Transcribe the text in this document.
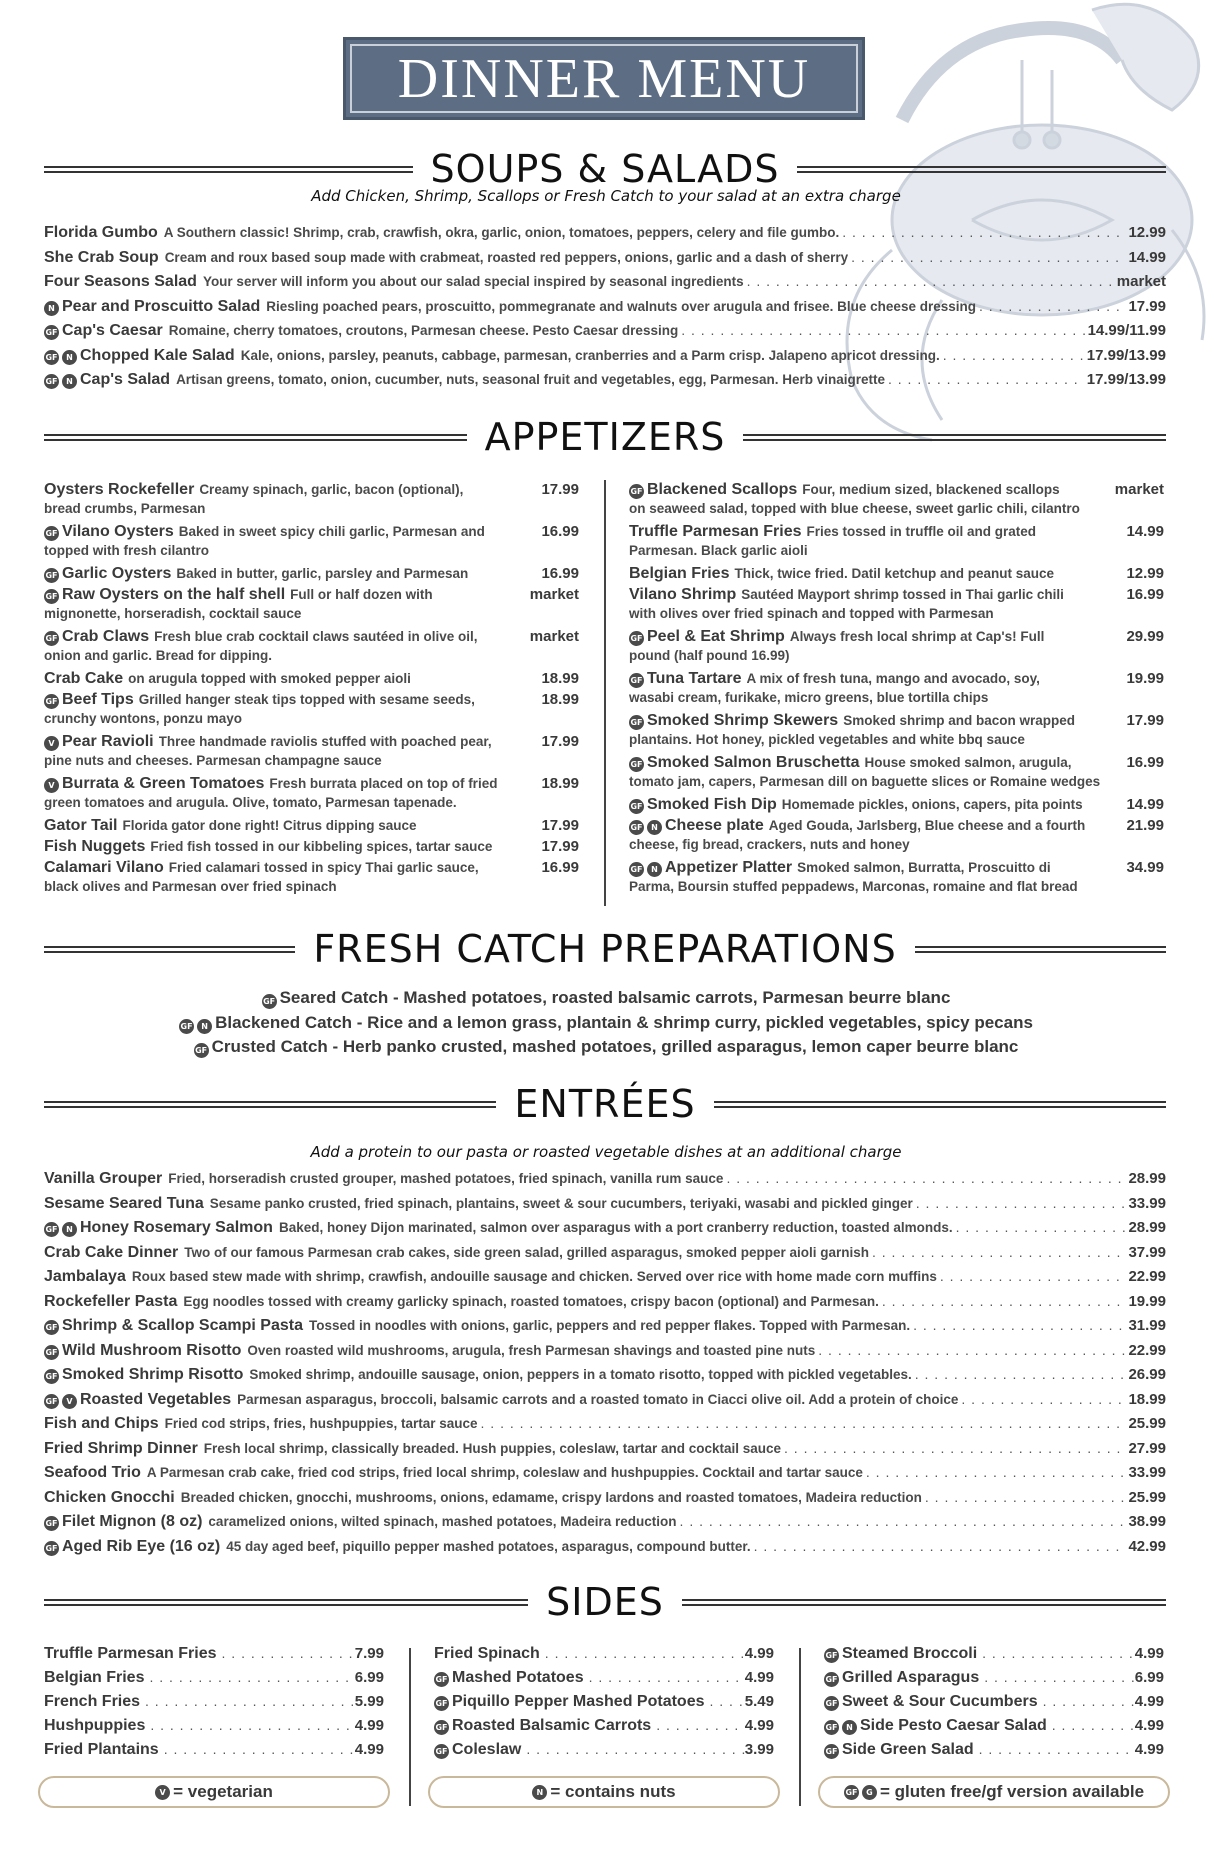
DINNER MENU
SOUPS & SALADS
Add Chicken, Shrimp, Scallops or Fresh Catch to your salad at an extra charge
Florida Gumbo A Southern classic! Shrimp, crab, crawfish, okra, garlic, onion, tomatoes, peppers, celery and file gumbo. . . .	12.99
She Crab Soup Cream and roux based soup made with crabmeat, roasted red peppers, onions, garlic and a dash of sherry . . .	14.99
Four Seasons Salad Your server will inform you about our salad special inspired by seasonal ingredients . . .	market
N Pear and Proscuitto Salad Riesling poached pears, proscuitto, pommegranate and walnuts over arugula and frisee. Blue cheese dressing . . .	17.99
GF Cap's Caesar Romaine, cherry tomatoes, croutons, Parmesan cheese. Pesto Caesar dressing . . .	14.99/11.99
GF	N Chopped Kale Salad Kale, onions, parsley, peanuts, cabbage, parmesan, cranberries and a Parm crisp. Jalapeno apricot dressing. . . .	17.99/13.99
GF	N Cap's Salad Artisan greens, tomato, onion, cucumber, nuts, seasonal fruit and vegetables, egg, Parmesan. Herb vinaigrette . . .	17.99/13.99
APPETIZERS
Oysters Rockefeller Creamy spinach, garlic, bacon (optional),	17.99
bread crumbs, Parmesan
GF Vilano Oysters Baked in sweet spicy chili garlic, Parmesan and	16.99
topped with fresh cilantro
GF Garlic Oysters Baked in butter, garlic, parsley and Parmesan	16.99
GF Raw Oysters on the half shell Full or half dozen with	market
mignonette, horseradish, cocktail sauce
GF Crab Claws Fresh blue crab cocktail claws sautéed in olive oil,	market
onion and garlic. Bread for dipping.
Crab Cake on arugula topped with smoked pepper aioli	18.99
GF Beef Tips Grilled hanger steak tips topped with sesame seeds,	18.99
crunchy wontons, ponzu mayo
V Pear Ravioli Three handmade raviolis stuffed with poached pear,	17.99
pine nuts and cheeses. Parmesan champagne sauce
V Burrata & Green Tomatoes Fresh burrata placed on top of fried	18.99
green tomatoes and arugula. Olive, tomato, Parmesan tapenade.
Gator Tail Florida gator done right! Citrus dipping sauce	17.99
Fish Nuggets Fried fish tossed in our kibbeling spices, tartar sauce	17.99
Calamari Vilano Fried calamari tossed in spicy Thai garlic sauce,	16.99
black olives and Parmesan over fried spinach
GF Blackened Scallops Four, medium sized, blackened scallops	market
on seaweed salad, topped with blue cheese, sweet garlic chili, cilantro
Truffle Parmesan Fries Fries tossed in truffle oil and grated	14.99
Parmesan. Black garlic aioli
Belgian Fries Thick, twice fried. Datil ketchup and peanut sauce	12.99
Vilano Shrimp Sautéed Mayport shrimp tossed in Thai garlic chili	16.99
with olives over fried spinach and topped with Parmesan
GF Peel & Eat Shrimp Always fresh local shrimp at Cap's! Full	29.99
pound (half pound 16.99)
GF Tuna Tartare A mix of fresh tuna, mango and avocado, soy,	19.99
wasabi cream, furikake, micro greens, blue tortilla chips
GF Smoked Shrimp Skewers Smoked shrimp and bacon wrapped	17.99
plantains. Hot honey, pickled vegetables and white bbq sauce
GF Smoked Salmon Bruschetta House smoked salmon, arugula,	16.99
tomato jam, capers, Parmesan dill on baguette slices or Romaine wedges
GF Smoked Fish Dip Homemade pickles, onions, capers, pita points	14.99
GF	N Cheese plate Aged Gouda, Jarlsberg, Blue cheese and a fourth	21.99
cheese, fig bread, crackers, nuts and honey
GF	N Appetizer Platter Smoked salmon, Burratta, Proscuitto di	34.99
Parma, Boursin stuffed peppadews, Marconas, romaine and flat bread
FRESH CATCH PREPARATIONS
GF Seared Catch - Mashed potatoes, roasted balsamic carrots, Parmesan beurre blanc
GF N Blackened Catch - Rice and a lemon grass, plantain & shrimp curry, pickled vegetables, spicy pecans
GF Crusted Catch - Herb panko crusted, mashed potatoes, grilled asparagus, lemon caper beurre blanc
ENTRÉES
Add a protein to our pasta or roasted vegetable dishes at an additional charge
Vanilla Grouper Fried, horseradish crusted grouper, mashed potatoes, fried spinach, vanilla rum sauce . . .	28.99
Sesame Seared Tuna Sesame panko crusted, fried spinach, plantains, sweet & sour cucumbers, teriyaki, wasabi and pickled ginger . . .	33.99
GF	N Honey Rosemary Salmon Baked, honey Dijon marinated, salmon over asparagus with a port cranberry reduction, toasted almonds. . . .	28.99
Crab Cake Dinner Two of our famous Parmesan crab cakes, side green salad, grilled asparagus, smoked pepper aioli garnish . . .	37.99
Jambalaya Roux based stew made with shrimp, crawfish, andouille sausage and chicken. Served over rice with home made corn muffins . . .	22.99
Rockefeller Pasta Egg noodles tossed with creamy garlicky spinach, roasted tomatoes, crispy bacon (optional) and Parmesan. . . .	19.99
GF Shrimp & Scallop Scampi Pasta Tossed in noodles with onions, garlic, peppers and red pepper flakes. Topped with Parmesan. . . .	31.99
GF Wild Mushroom Risotto Oven roasted wild mushrooms, arugula, fresh Parmesan shavings and toasted pine nuts . . .	22.99
GF Smoked Shrimp Risotto Smoked shrimp, andouille sausage, onion, peppers in a tomato risotto, topped with pickled vegetables. . . .	26.99
GF	V Roasted Vegetables Parmesan asparagus, broccoli, balsamic carrots and a roasted tomato in Ciacci olive oil. Add a protein of choice . . .	18.99
Fish and Chips Fried cod strips, fries, hushpuppies, tartar sauce . . .	25.99
Fried Shrimp Dinner Fresh local shrimp, classically breaded. Hush puppies, coleslaw, tartar and cocktail sauce . . .	27.99
Seafood Trio A Parmesan crab cake, fried cod strips, fried local shrimp, coleslaw and hushpuppies. Cocktail and tartar sauce . . .	33.99
Chicken Gnocchi Breaded chicken, gnocchi, mushrooms, onions, edamame, crispy lardons and roasted tomatoes, Madeira reduction . . .	25.99
GF Filet Mignon (8 oz) caramelized onions, wilted spinach, mashed potatoes, Madeira reduction . . .	38.99
GF Aged Rib Eye (16 oz) 45 day aged beef, piquillo pepper mashed potatoes, asparagus, compound butter. . . .	42.99
SIDES
Truffle Parmesan Fries . . .	7.99
Belgian Fries . . .	6.99
French Fries . . .	5.99
Hushpuppies . . .	4.99
Fried Plantains . . .	4.99
Fried Spinach . . .	4.99
GF Mashed Potatoes . . .	4.99
GF Piquillo Pepper Mashed Potatoes . . .	5.49
GF Roasted Balsamic Carrots . . .	4.99
GF Coleslaw . . .	3.99
GF Steamed Broccoli . . .	4.99
GF Grilled Asparagus . . .	6.99
GF Sweet & Sour Cucumbers . . .	4.99
GF	N Side Pesto Caesar Salad . . .	4.99
GF Side Green Salad . . .	4.99
V = vegetarian	N = contains nuts	GF	G = gluten free/gf version available
